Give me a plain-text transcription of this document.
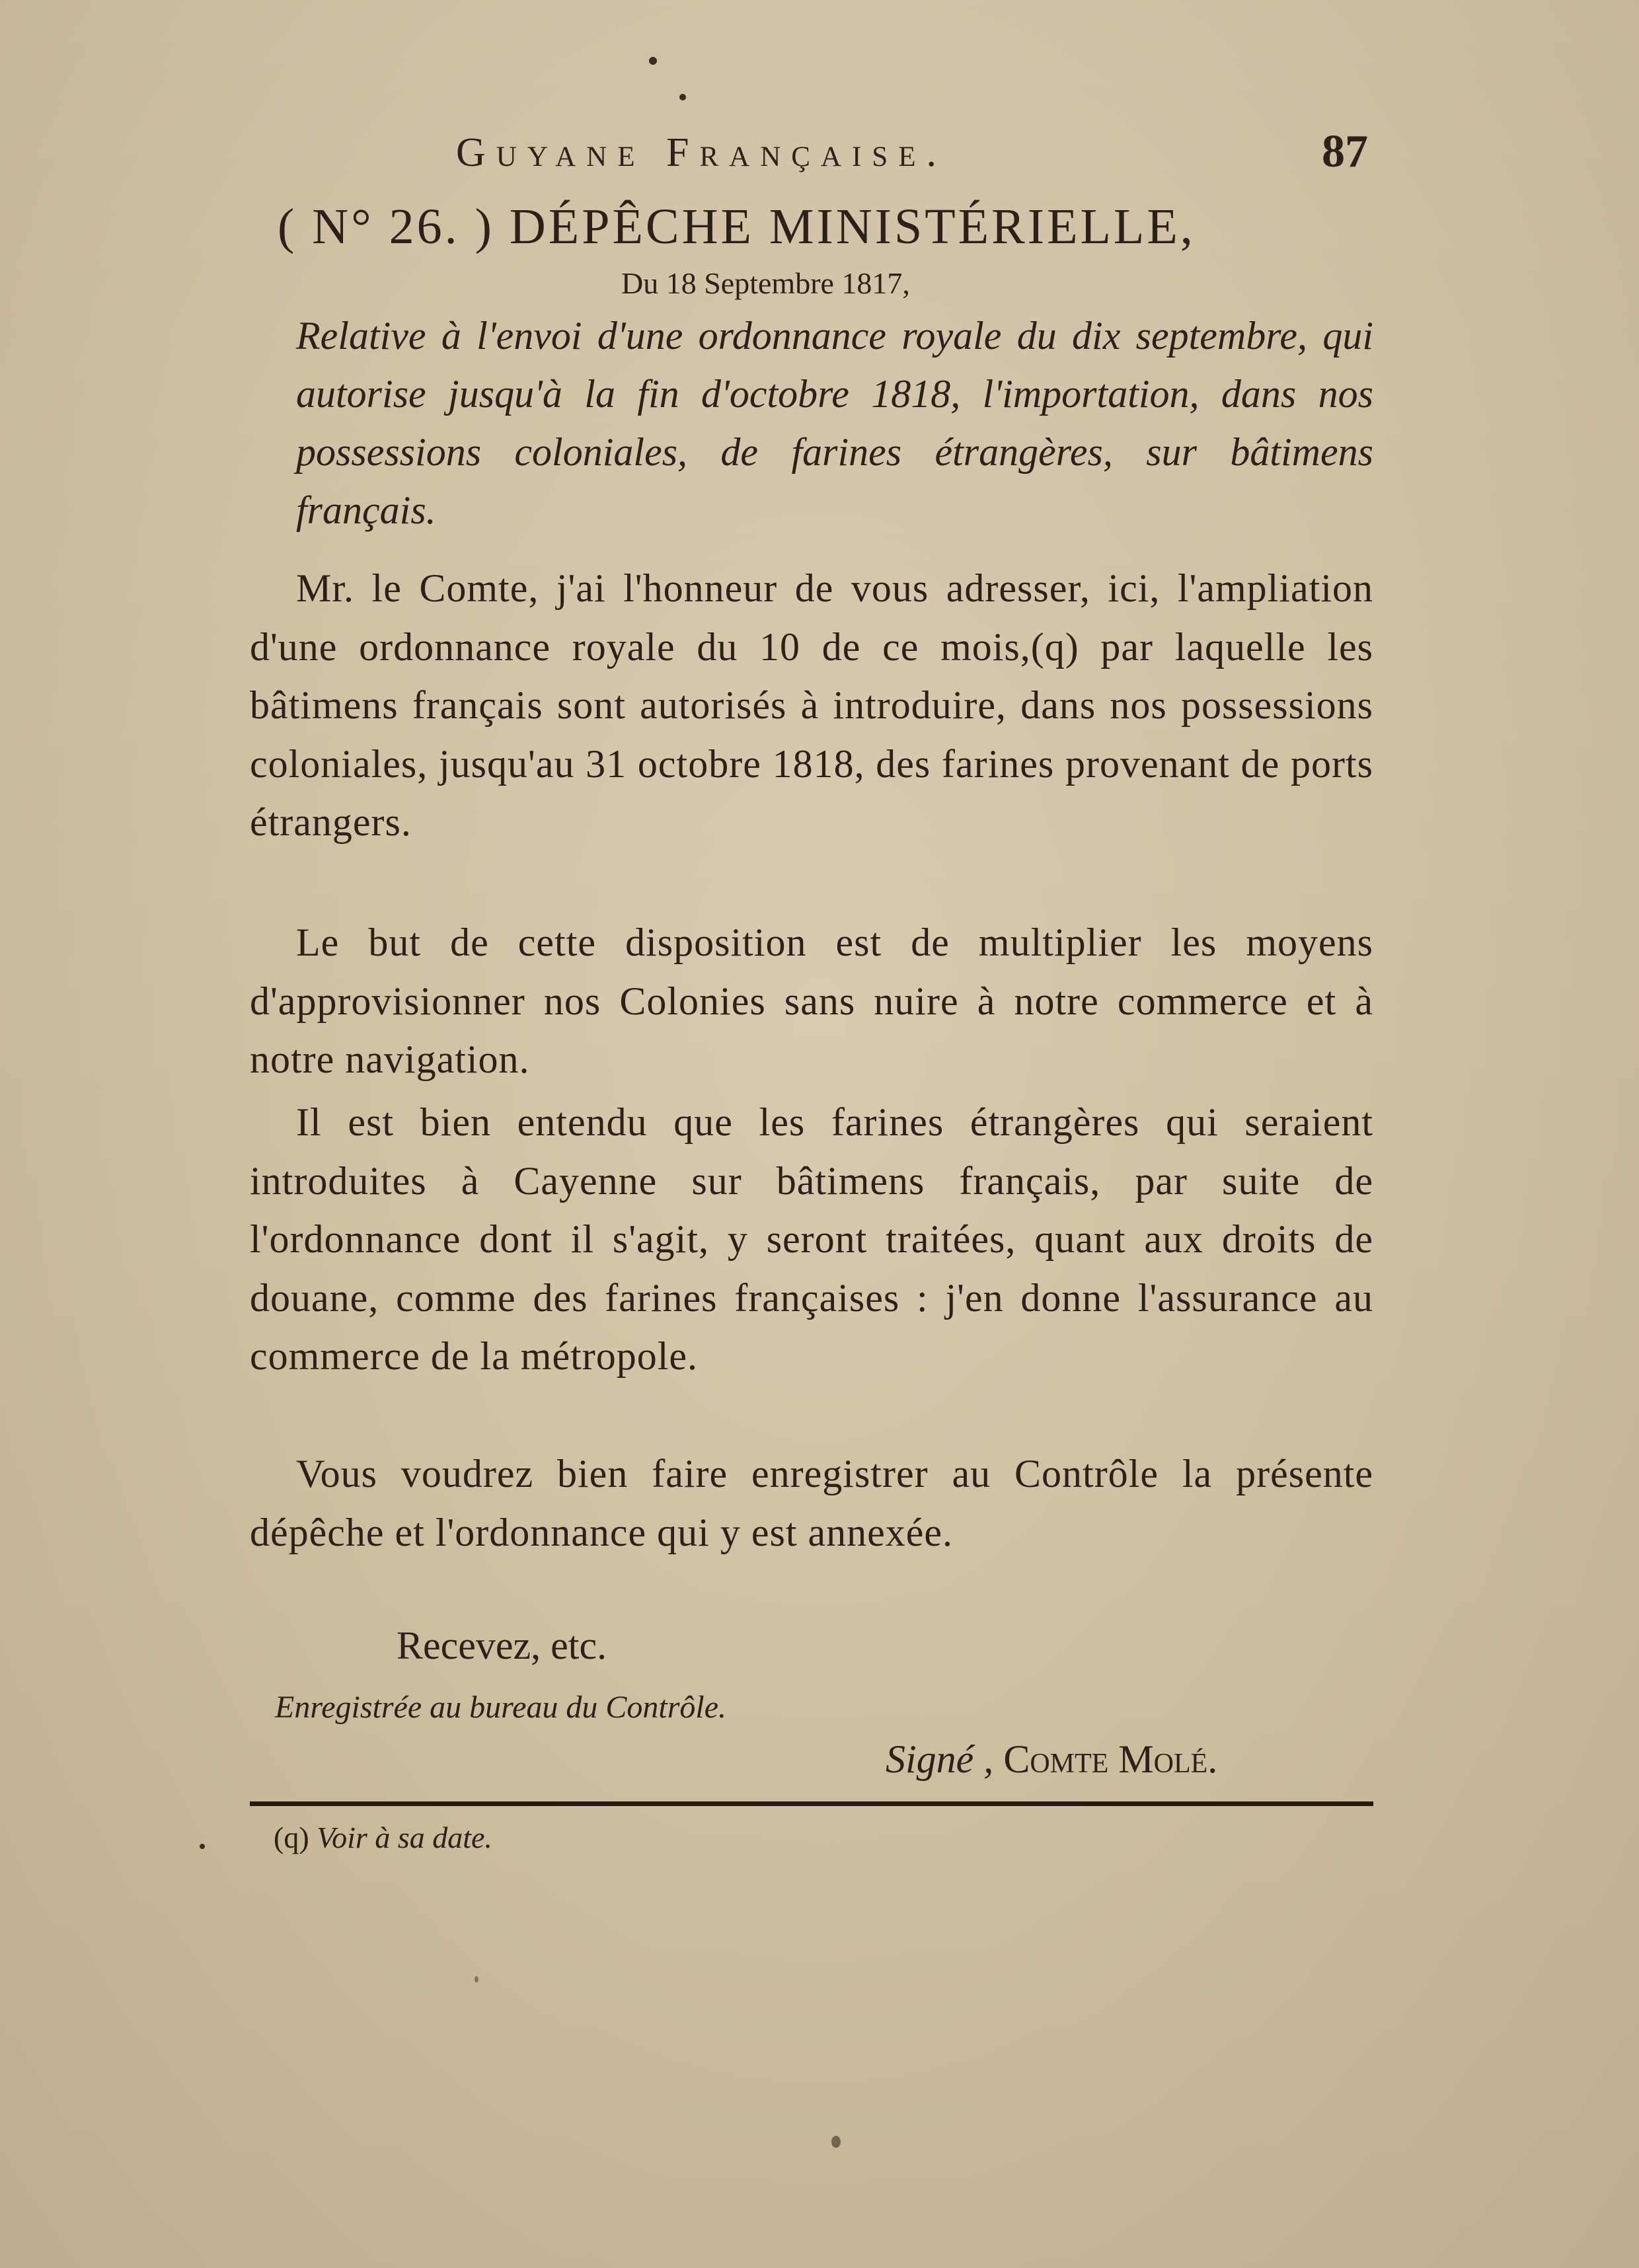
Guyane Française.	87
( N° 26. ) DÉPÊCHE MINISTÉRIELLE,
Du 18 Septembre 1817,
Relative à l'envoi d'une ordonnance royale du dix septembre, qui autorise jusqu'à la fin d'octobre 1818, l'importation, dans nos possessions coloniales, de farines étrangères, sur bâtimens français.

Mr. le Comte, j'ai l'honneur de vous adresser, ici, l'ampliation d'une ordonnance royale du 10 de ce mois,(q) par laquelle les bâtimens français sont autorisés à introduire, dans nos possessions coloniales, jusqu'au 31 octobre 1818, des farines provenant de ports étrangers.

Le but de cette disposition est de multiplier les moyens d'approvisionner nos Colonies sans nuire à notre commerce et à notre navigation.

Il est bien entendu que les farines étrangères qui seraient introduites à Cayenne sur bâtimens français, par suite de l'ordonnance dont il s'agit, y seront traitées, quant aux droits de douane, comme des farines françaises : j'en donne l'assurance au commerce de la métropole.

Vous voudrez bien faire enregistrer au Contrôle la présente dépêche et l'ordonnance qui y est annexée.

Recevez, etc.
Enregistrée au bureau du Contrôle.
Signé , Comte Molé.
(q) Voir à sa date.
